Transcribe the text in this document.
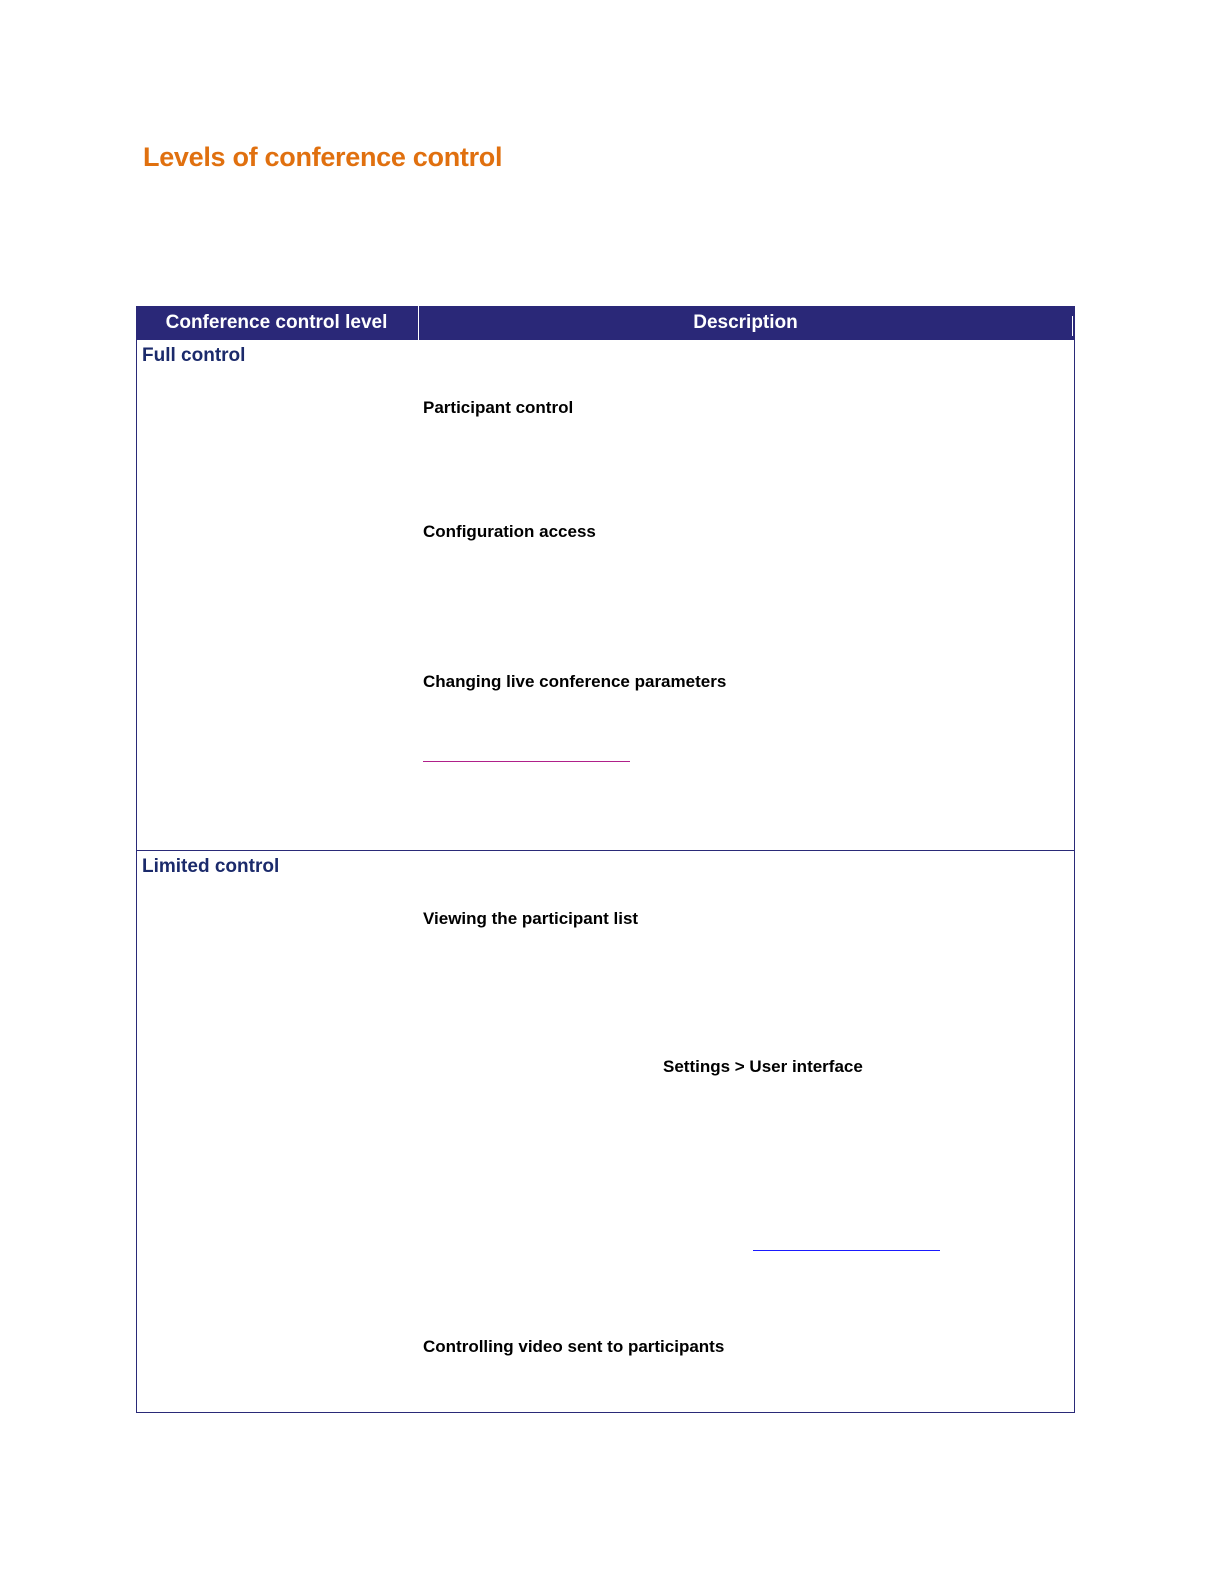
Levels of conference control
Conference control level	Description
Full control
Participant control
Configuration access
Changing live conference parameters
Limited control
Viewing the participant list
Settings > User interface
Controlling video sent to participants
